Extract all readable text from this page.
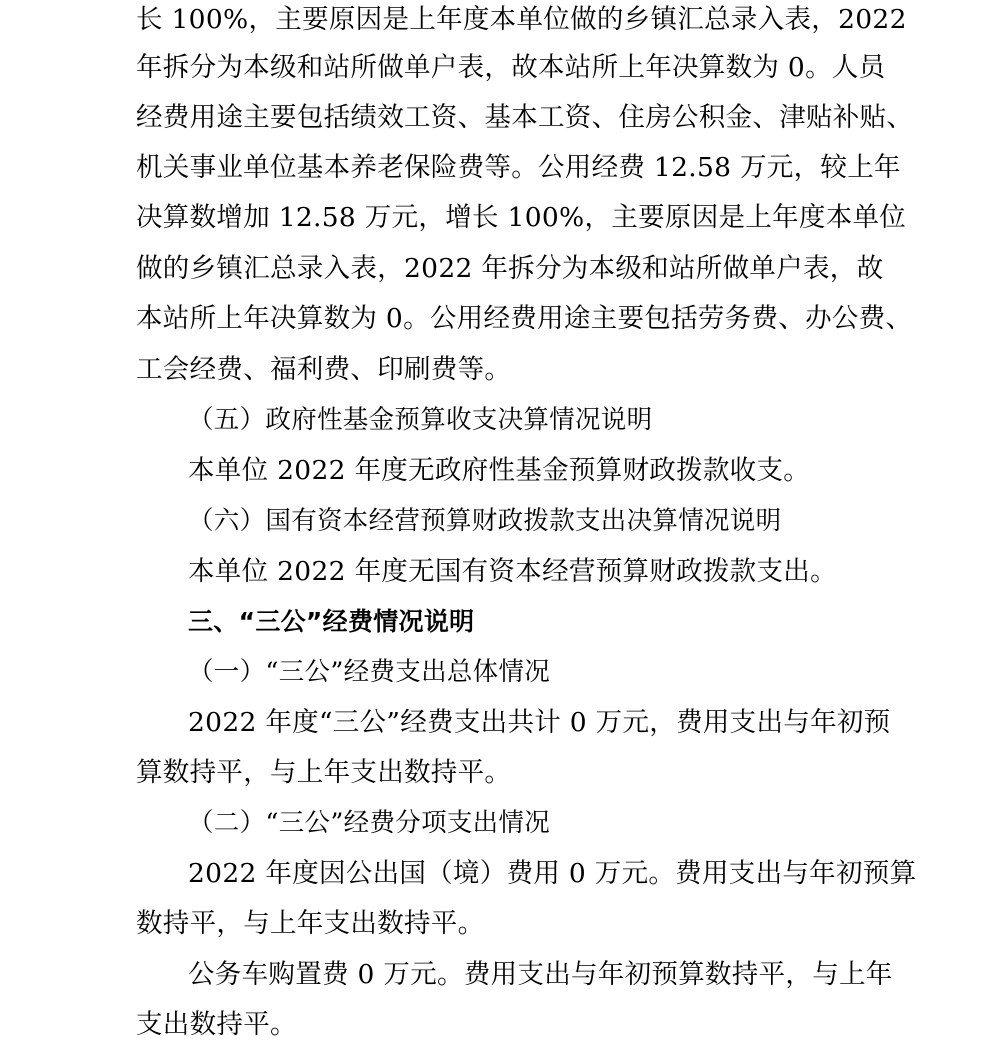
长 100%，主要原因是上年度本单位做的乡镇汇总录入表，2022
年拆分为本级和站所做单户表，故本站所上年决算数为 0。人员
经费用途主要包括绩效工资、基本工资、住房公积金、津贴补贴、
机关事业单位基本养老保险费等。公用经费 12.58 万元，较上年
决算数增加 12.58 万元，增长 100%，主要原因是上年度本单位
做的乡镇汇总录入表，2022 年拆分为本级和站所做单户表，故
本站所上年决算数为 0。公用经费用途主要包括劳务费、办公费、
工会经费、福利费、印刷费等。
（五）政府性基金预算收支决算情况说明
本单位 2022 年度无政府性基金预算财政拨款收支。
（六）国有资本经营预算财政拨款支出决算情况说明
本单位 2022 年度无国有资本经营预算财政拨款支出。
三、“三公”经费情况说明
（一）“三公”经费支出总体情况
2022 年度“三公”经费支出共计 0 万元，费用支出与年初预
算数持平，与上年支出数持平。
（二）“三公”经费分项支出情况
2022 年度因公出国（境）费用 0 万元。费用支出与年初预算
数持平，与上年支出数持平。
公务车购置费 0 万元。费用支出与年初预算数持平，与上年
支出数持平。
